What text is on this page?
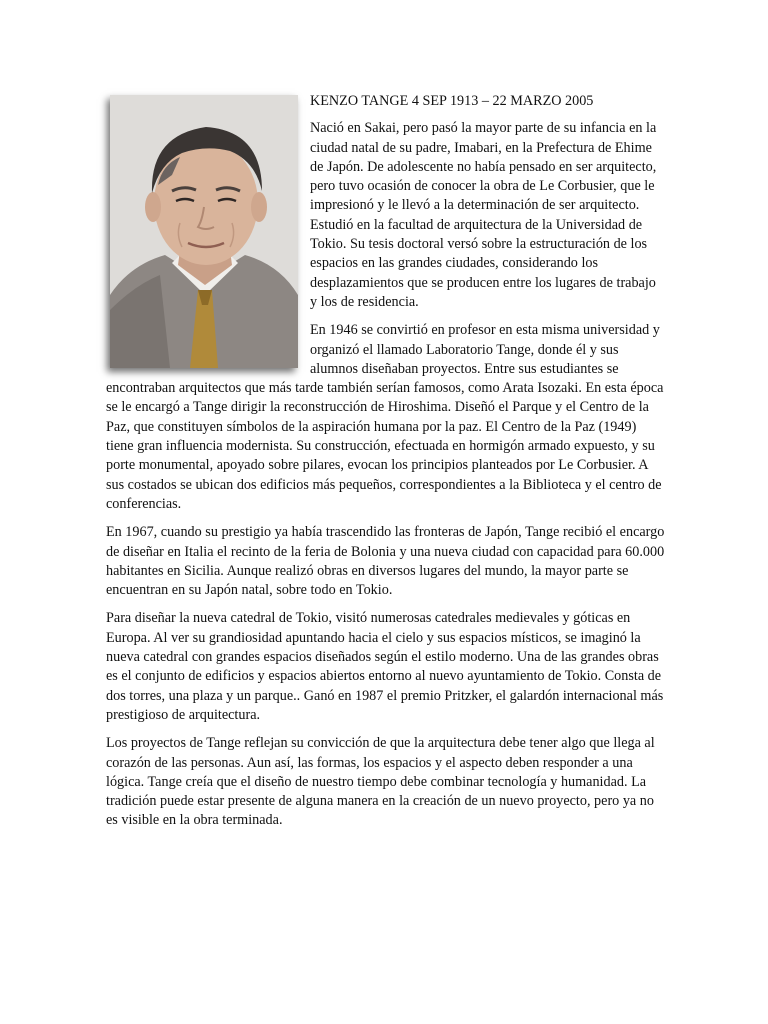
KENZO TANGE 4 SEP 1913 – 22 MARZO 2005

Nació en Sakai, pero pasó la mayor parte de su infancia en la ciudad natal de su padre, Imabari, en la Prefectura de Ehime de Japón. De adolescente no había pensado en ser arquitecto, pero tuvo ocasión de conocer la obra de Le Corbusier, que le impresionó y le llevó a la determinación de ser arquitecto. Estudió en la facultad de arquitectura de la Universidad de Tokio. Su tesis doctoral versó sobre la estructuración de los espacios en las grandes ciudades, considerando los desplazamientos que se producen entre los lugares de trabajo y los de residencia.

En 1946 se convirtió en profesor en esta misma universidad y organizó el llamado Laboratorio Tange, donde él y sus alumnos diseñaban proyectos. Entre sus estudiantes se encontraban arquitectos que más tarde también serían famosos, como Arata Isozaki. En esta época se le encargó a Tange dirigir la reconstrucción de Hiroshima. Diseñó el Parque y el Centro de la Paz, que constituyen símbolos de la aspiración humana por la paz. El Centro de la Paz (1949) tiene gran influencia modernista. Su construcción, efectuada en hormigón armado expuesto, y su porte monumental, apoyado sobre pilares, evocan los principios planteados por Le Corbusier. A sus costados se ubican dos edificios más pequeños, correspondientes a la Biblioteca y el centro de conferencias.

En 1967, cuando su prestigio ya había trascendido las fronteras de Japón, Tange recibió el encargo de diseñar en Italia el recinto de la feria de Bolonia y una nueva ciudad con capacidad para 60.000 habitantes en Sicilia. Aunque realizó obras en diversos lugares del mundo, la mayor parte se encuentran en su Japón natal, sobre todo en Tokio.

Para diseñar la nueva catedral de Tokio, visitó numerosas catedrales medievales y góticas en Europa. Al ver su grandiosidad apuntando hacia el cielo y sus espacios místicos, se imaginó la nueva catedral con grandes espacios diseñados según el estilo moderno. Una de las grandes obras es el conjunto de edificios y espacios abiertos entorno al nuevo ayuntamiento de Tokio. Consta de dos torres, una plaza y un parque.. Ganó en 1987 el premio Pritzker, el galardón internacional más prestigioso de arquitectura.

Los proyectos de Tange reflejan su convicción de que la arquitectura debe tener algo que llega al corazón de las personas. Aun así, las formas, los espacios y el aspecto deben responder a una lógica. Tange creía que el diseño de nuestro tiempo debe combinar tecnología y humanidad. La tradición puede estar presente de alguna manera en la creación de un nuevo proyecto, pero ya no es visible en la obra terminada.
